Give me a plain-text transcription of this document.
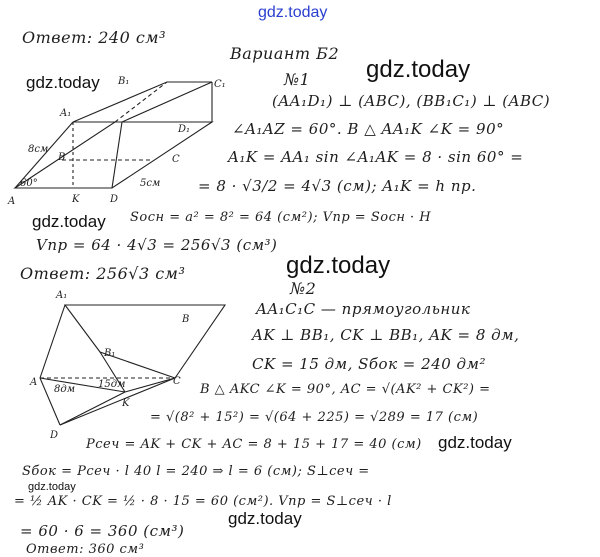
A
A₁
B₁	C₁
D₁
B	C
D
K
8см
60°	5см
A₁
A
B
B₁
C
D
K
8дм 15дм
gdz.today
gdz.today
gdz.today
gdz.today
gdz.today
gdz.today
gdz.today
gdz.today
Ответ: 240 см³
Вариант Б2
№1
(AA₁D₁) ⊥ (ABC), (BB₁C₁) ⊥ (ABC)
∠A₁AZ = 60°. В △ AA₁K ∠K = 90°
A₁K = AA₁ sin ∠A₁AK = 8 · sin 60° =
= 8 · √3/2 = 4√3 (см); A₁K = h пр.
Sосн = a² = 8² = 64 (см²); Vпр = Sосн · H
Vпр = 64 · 4√3 = 256√3 (см³)
Ответ: 256√3 см³
№2
AA₁C₁C — прямоугольник
AK ⊥ BB₁, CK ⊥ BB₁, AK = 8 дм,
CK = 15 дм, Sбок = 240 дм²
В △ AKC ∠K = 90°, AC = √(AK² + CK²) =
= √(8² + 15²) = √(64 + 225) = √289 = 17 (см)
Pсеч = AK + CK + AC = 8 + 15 + 17 = 40 (см)
Sбок = Pсеч · l 40 l = 240 ⇒ l = 6 (см); S⊥сеч =
= ½ AK · CK = ½ · 8 · 15 = 60 (см²). Vпр = S⊥сеч · l
= 60 · 6 = 360 (см³)
Ответ: 360 см³
